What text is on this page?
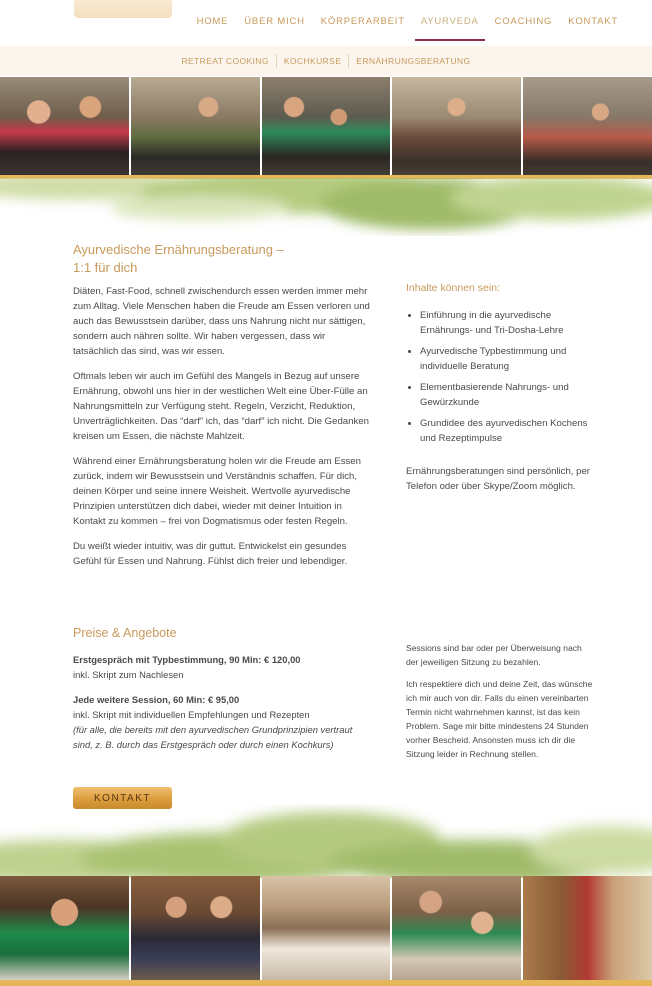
HOME ÜBER MICH KÖRPERARBEIT AYURVEDA COACHING KONTAKT
RETREAT COOKING	KOCHKURSE	ERNÄHRUNGSBERATUNG
Ayurvedische Ernährungsberatung –
1:1 für dich

Diäten, Fast-Food, schnell zwischendurch essen werden immer mehr zum Alltag. Viele Menschen haben die Freude am Essen verloren und auch das Bewusstsein darüber, dass uns Nahrung nicht nur sättigen, sondern auch nähren sollte. Wir haben vergessen, dass wir tatsächlich das sind, was wir essen.

Oftmals leben wir auch im Gefühl des Mangels in Bezug auf unsere Ernährung, obwohl uns hier in der westlichen Welt eine Über-Fülle an Nahrungsmitteln zur Verfügung steht. Regeln, Verzicht, Reduktion, Unverträglichkeiten. Das “darf” ich, das “darf” ich nicht. Die Gedanken kreisen um Essen, die nächste Mahlzeit.

Während einer Ernährungsberatung holen wir die Freude am Essen zurück, indem wir Bewusstsein und Verständnis schaffen. Für dich, deinen Körper und seine innere Weisheit. Wertvolle ayurvedische Prinzipien unterstützen dich dabei, wieder mit deiner Intuition in Kontakt zu kommen – frei von Dogmatismus oder festen Regeln.

Du weißt wieder intuitiv, was dir guttut. Entwickelst ein gesundes Gefühl für Essen und Nahrung. Fühlst dich freier und lebendiger.

Inhalte können sein:
• Einführung in die ayurvedische Ernährungs- und Tri-Dosha-Lehre
• Ayurvedische Typbestimmung und individuelle Beratung
• Elementbasierende Nahrungs- und Gewürzkunde
• Grundidee des ayurvedischen Kochens und Rezeptimpulse
Ernährungsberatungen sind persönlich, per Telefon oder über Skype/Zoom möglich.
Preise & Angebote
Erstgespräch mit Typbestimmung, 90 Min: € 120,00
inkl. Skript zum Nachlesen
Jede weitere Session, 60 Min: € 95,00
inkl. Skript mit individuellen Empfehlungen und Rezepten
(für alle, die bereits mit den ayurvedischen Grundprinzipien vertraut sind, z. B. durch das Erstgespräch oder durch einen Kochkurs)

Sessions sind bar oder per Überweisung nach der jeweiligen Sitzung zu bezahlen.

Ich respektiere dich und deine Zeit, das wünsche ich mir auch von dir. Falls du einen vereinbarten Termin nicht wahrnehmen kannst, ist das kein Problem. Sage mir bitte mindestens 24 Stunden vorher Bescheid. Ansonsten muss ich dir die Sitzung leider in Rechnung stellen.

KONTAKT
